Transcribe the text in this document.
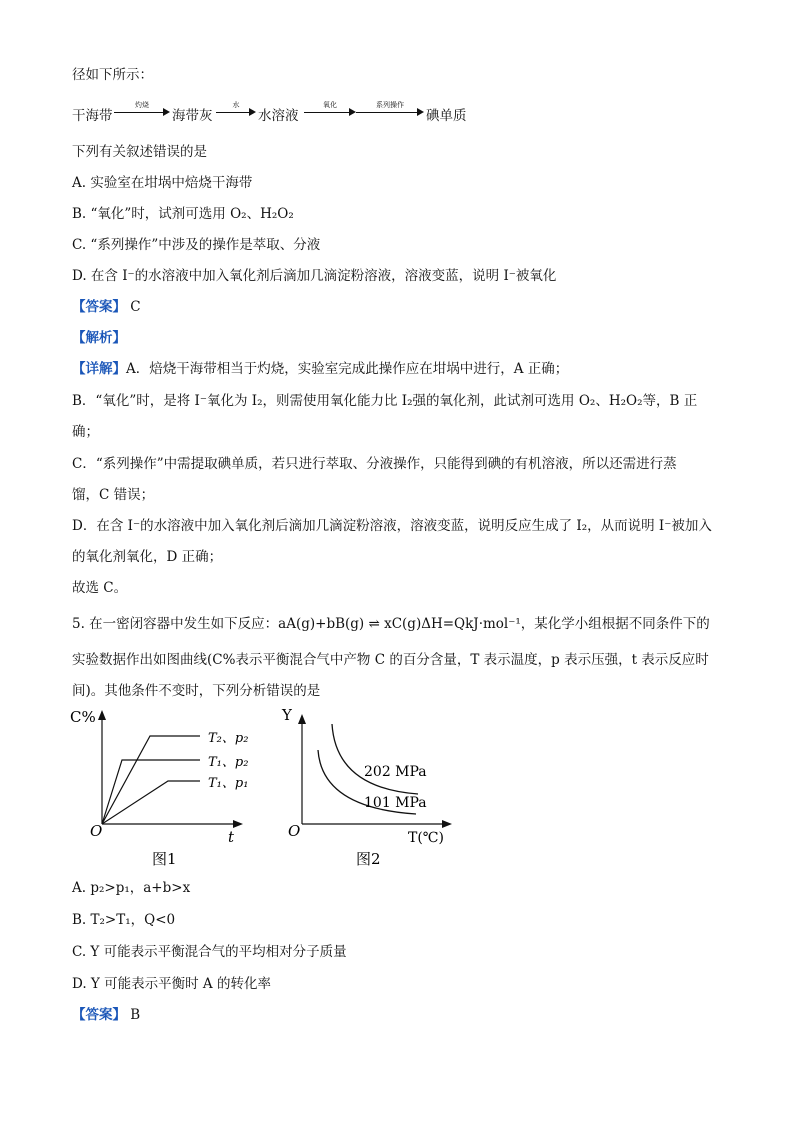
径如下所示：
干海带
灼烧
海带灰
水
水溶液
氧化	系列操作
碘单质
下列有关叙述错误的是
A. 实验室在坩埚中焙烧干海带
B. “氧化”时，试剂可选用 O₂、H₂O₂
C. “系列操作”中涉及的操作是萃取、分液
D. 在含 I⁻的水溶液中加入氧化剂后滴加几滴淀粉溶液，溶液变蓝，说明 I⁻被氧化
【答案】 C
【解析】
【详解】A．焙烧干海带相当于灼烧，实验室完成此操作应在坩埚中进行，A 正确；
B．“氧化”时，是将 I⁻氧化为 I₂，则需使用氧化能力比 I₂强的氧化剂，此试剂可选用 O₂、H₂O₂等，B 正
确；
C．“系列操作”中需提取碘单质，若只进行萃取、分液操作，只能得到碘的有机溶液，所以还需进行蒸
馏，C 错误；
D．在含 I⁻的水溶液中加入氧化剂后滴加几滴淀粉溶液，溶液变蓝，说明反应生成了 I₂，从而说明 I⁻被加入
的氧化剂氧化，D 正确；
故选 C。
5. 在一密闭容器中发生如下反应：aA(g)+bB(g) ⇌ xC(g)ΔH=QkJ·mol⁻¹，某化学小组根据不同条件下的
实验数据作出如图曲线(C%表示平衡混合气中产物 C 的百分含量，T 表示温度，p 表示压强，t 表示反应时
间)。其他条件不变时，下列分析错误的是
C%
t
O
T₂、p₂
T₁、p₂
T₁、p₁
图1
Y
T(℃)
O
202 MPa
101 MPa
图2
A. p₂>p₁，a+b>x
B. T₂>T₁，Q<0
C. Y 可能表示平衡混合气的平均相对分子质量
D. Y 可能表示平衡时 A 的转化率
【答案】 B
